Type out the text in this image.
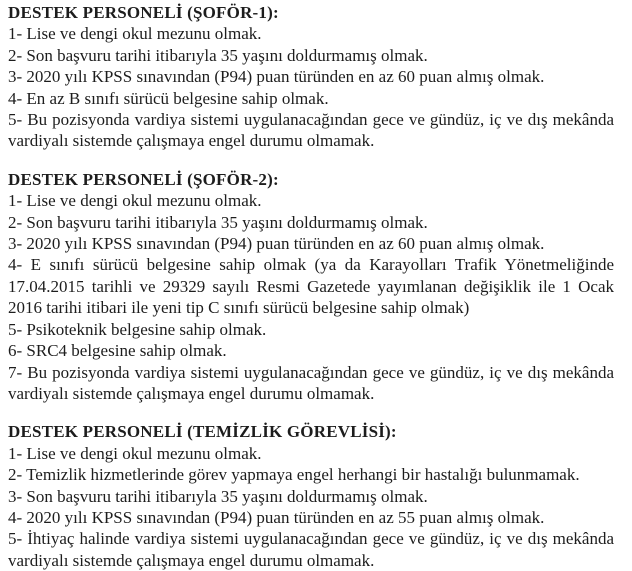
DESTEK PERSONELİ (ŞOFÖR-1):

1- Lise ve dengi okul mezunu olmak.

2- Son başvuru tarihi itibarıyla 35 yaşını doldurmamış olmak.

3- 2020 yılı KPSS sınavından (P94) puan türünden en az 60 puan almış olmak.

4- En az B sınıfı sürücü belgesine sahip olmak.

5- Bu pozisyonda vardiya sistemi uygulanacağından gece ve gündüz, iç ve dış mekânda vardiyalı sistemde çalışmaya engel durumu olmamak.

DESTEK PERSONELİ (ŞOFÖR-2):

1- Lise ve dengi okul mezunu olmak.

2- Son başvuru tarihi itibarıyla 35 yaşını doldurmamış olmak.

3- 2020 yılı KPSS sınavından (P94) puan türünden en az 60 puan almış olmak.

4- E sınıfı sürücü belgesine sahip olmak (ya da Karayolları Trafik Yönetmeliğinde 17.04.2015 tarihli ve 29329 sayılı Resmi Gazetede yayımlanan değişiklik ile 1 Ocak 2016 tarihi itibari ile yeni tip C sınıfı sürücü belgesine sahip olmak)

5- Psikoteknik belgesine sahip olmak.

6- SRC4 belgesine sahip olmak.

7- Bu pozisyonda vardiya sistemi uygulanacağından gece ve gündüz, iç ve dış mekânda vardiyalı sistemde çalışmaya engel durumu olmamak.

DESTEK PERSONELİ (TEMİZLİK GÖREVLİSİ):

1- Lise ve dengi okul mezunu olmak.

2- Temizlik hizmetlerinde görev yapmaya engel herhangi bir hastalığı bulunmamak.

3- Son başvuru tarihi itibarıyla 35 yaşını doldurmamış olmak.

4- 2020 yılı KPSS sınavından (P94) puan türünden en az 55 puan almış olmak.

5- İhtiyaç halinde vardiya sistemi uygulanacağından gece ve gündüz, iç ve dış mekânda vardiyalı sistemde çalışmaya engel durumu olmamak.
